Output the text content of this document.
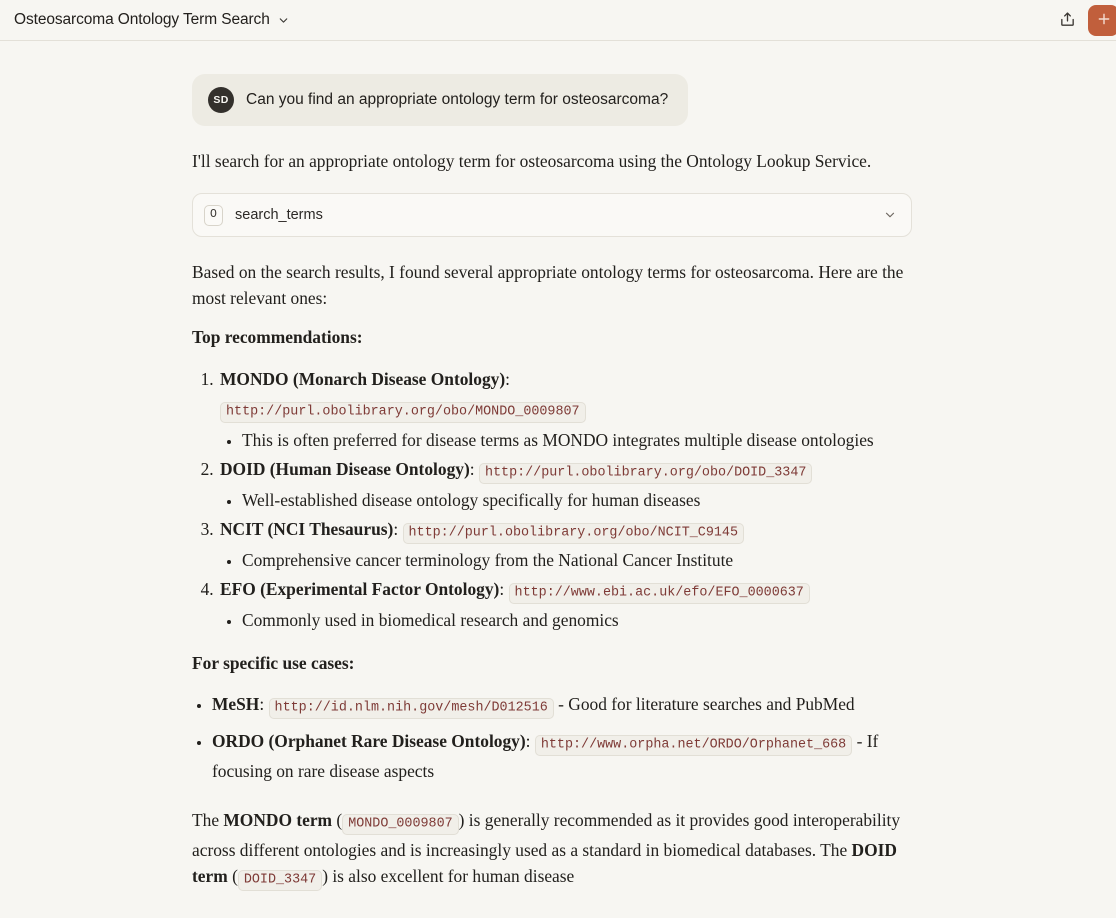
Osteosarcoma Ontology Term Search
SD	Can you find an appropriate ontology term for osteosarcoma?

I'll search for an appropriate ontology term for osteosarcoma using the Ontology Lookup Service.

O	search_terms

Based on the search results, I found several appropriate ontology terms for osteosarcoma. Here are the most relevant ones:

Top recommendations:

1. MONDO (Monarch Disease Ontology):
http://purl.obolibrary.org/obo/MONDO_0009807
• This is often preferred for disease terms as MONDO integrates multiple disease ontologies
2. DOID (Human Disease Ontology): http://purl.obolibrary.org/obo/DOID_3347
• Well-established disease ontology specifically for human diseases
3. NCIT (NCI Thesaurus): http://purl.obolibrary.org/obo/NCIT_C9145
• Comprehensive cancer terminology from the National Cancer Institute
4. EFO (Experimental Factor Ontology): http://www.ebi.ac.uk/efo/EFO_0000637
• Commonly used in biomedical research and genomics

For specific use cases:

• MeSH: http://id.nlm.nih.gov/mesh/D012516 - Good for literature searches and PubMed
• ORDO (Orphanet Rare Disease Ontology): http://www.orpha.net/ORDO/Orphanet_668 - If focusing on rare disease aspects

The MONDO term ( MONDO_0009807 ) is generally recommended as it provides good interoperability across different ontologies and is increasingly used as a standard in biomedical databases. The DOID term ( DOID_3347 ) is also excellent for human disease
